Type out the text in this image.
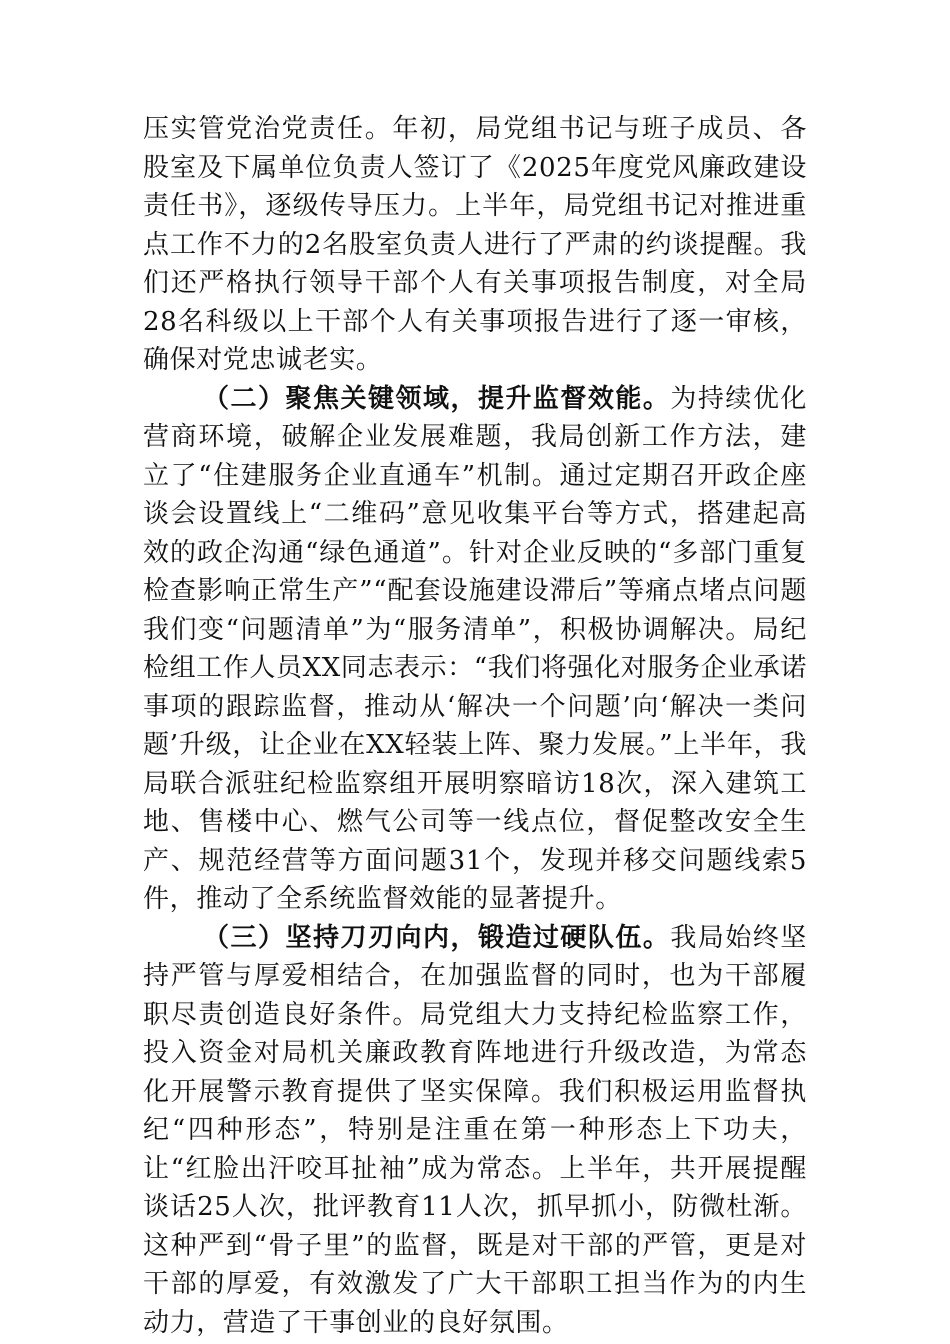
压实管党治党责任。年初，局党组书记与班子成员、各股室及下属单位负责人签订了《2025年度党风廉政建设责任书》，逐级传导压力。上半年，局党组书记对推进重点工作不力的2名股室负责人进行了严肃的约谈提醒。我们还严格执行领导干部个人有关事项报告制度，对全局28名科级以上干部个人有关事项报告进行了逐一审核，确保对党忠诚老实。

（二）聚焦关键领域，提升监督效能。为持续优化营商环境，破解企业发展难题，我局创新工作方法，建立了“住建服务企业直通车”机制。通过定期召开政企座谈会设置线上“二维码”意见收集平台等方式，搭建起高效的政企沟通“绿色通道”。针对企业反映的“多部门重复检查影响正常生产”“配套设施建设滞后”等痛点堵点问题我们变“问题清单”为“服务清单”，积极协调解决。局纪检组工作人员XX同志表示：“我们将强化对服务企业承诺事项的跟踪监督，推动从‘解决一个问题’向‘解决一类问题’升级，让企业在XX轻装上阵、聚力发展。”上半年，我局联合派驻纪检监察组开展明察暗访18次，深入建筑工地、售楼中心、燃气公司等一线点位，督促整改安全生产、规范经营等方面问题31个，发现并移交问题线索5件，推动了全系统监督效能的显著提升。

（三）坚持刀刃向内，锻造过硬队伍。我局始终坚持严管与厚爱相结合，在加强监督的同时，也为干部履职尽责创造良好条件。局党组大力支持纪检监察工作，投入资金对局机关廉政教育阵地进行升级改造，为常态化开展警示教育提供了坚实保障。我们积极运用监督执纪“四种形态”，特别是注重在第一种形态上下功夫，让“红脸出汗咬耳扯袖”成为常态。上半年，共开展提醒谈话25人次，批评教育11人次，抓早抓小，防微杜渐。这种严到“骨子里”的监督，既是对干部的严管，更是对干部的厚爱，有效激发了广大干部职工担当作为的内生动力，营造了干事创业的良好氛围。
